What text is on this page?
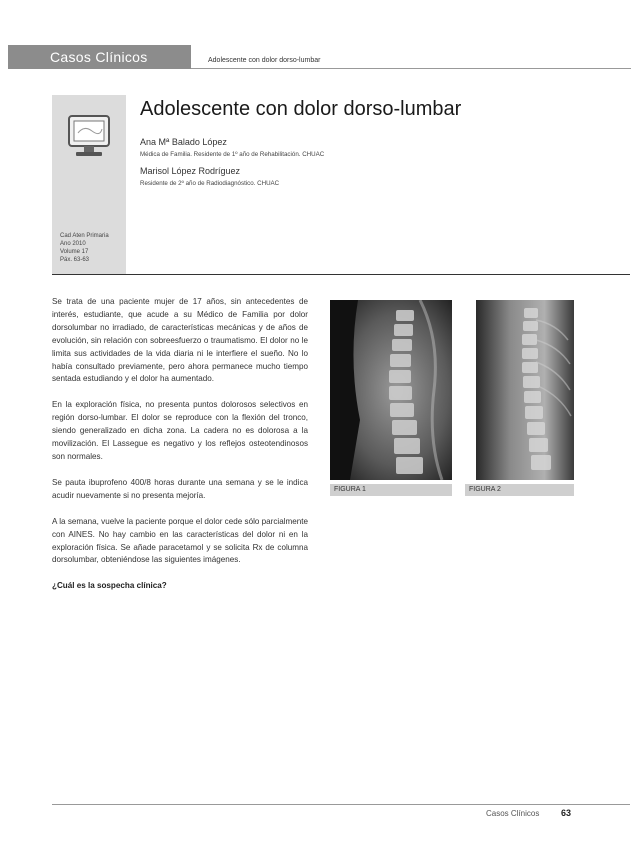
Casos Clínicos	Adolescente con dolor dorso-lumbar
Cad Aten Primaria
Ano 2010
Volume 17
Páx. 63-63
Adolescente con dolor dorso-lumbar
Ana Mª Balado López
Médica de Familia. Residente de 1º año de Rehabilitación. CHUAC
Marisol López Rodríguez
Residente de 2º año de Radiodiagnóstico. CHUAC

Se trata de una paciente mujer de 17 años, sin antecedentes de interés, estudiante, que acude a su Médico de Familia por dolor dorsolumbar no irradiado, de características mecánicas y de años de evolución, sin relación con sobreesfuerzo o traumatismo. El dolor no le limita sus actividades de la vida diaria ni le interfiere el sueño. No lo había consultado previamente, pero ahora permanece mucho tiempo sentada estudiando y el dolor ha aumentado.

En la exploración física, no presenta puntos dolorosos selectivos en región dorso-lumbar. El dolor se reproduce con la flexión del tronco, siendo generalizado en dicha zona. La cadera no es dolorosa a la movilización. El Lassegue es negativo y los reflejos osteotendinosos son normales.

Se pauta ibuprofeno 400/8 horas durante una semana y se le indica acudir nuevamente si no presenta mejoría.

A la semana, vuelve la paciente porque el dolor cede sólo parcialmente con AINES. No hay cambio en las características del dolor ni en la exploración física. Se añade paracetamol y se solicita Rx de columna dorsolumbar, obteniéndose las siguientes imágenes.

¿Cuál es la sospecha clínica?

FIGURA 1	FIGURA 2
Casos Clínicos 63
